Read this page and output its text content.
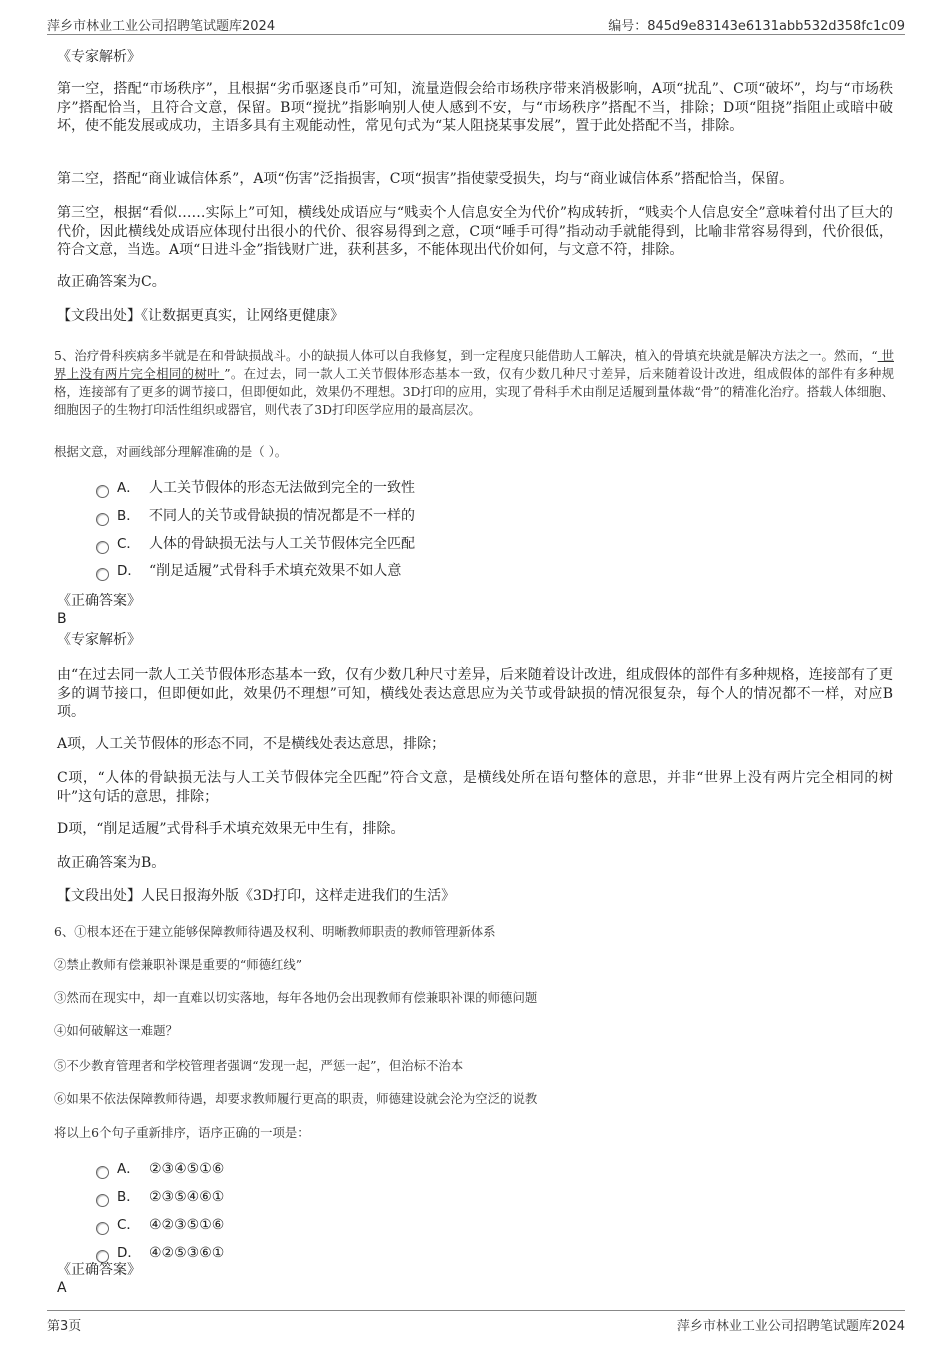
萍乡市林业工业公司招聘笔试题库2024	编号：845d9e83143e6131abb532d358fc1c09
《专家解析》
第一空，搭配“市场秩序”，且根据“劣币驱逐良币”可知，流量造假会给市场秩序带来消极影响，A项“扰乱”、C项“破坏”，均与“市场秩序”搭配恰当，且符合文意，保留。B项“搅扰”指影响别人使人感到不安，与“市场秩序”搭配不当，排除；D项“阻挠”指阻止或暗中破坏，使不能发展或成功，主语多具有主观能动性，常见句式为“某人阻挠某事发展”，置于此处搭配不当，排除。
第二空，搭配“商业诚信体系”，A项“伤害”泛指损害，C项“损害”指使蒙受损失，均与“商业诚信体系”搭配恰当，保留。
第三空，根据“看似……实际上”可知，横线处成语应与“贱卖个人信息安全为代价”构成转折，“贱卖个人信息安全”意味着付出了巨大的代价，因此横线处成语应体现付出很小的代价、很容易得到之意，C项“唾手可得”指动动手就能得到，比喻非常容易得到，代价很低，符合文意，当选。A项“日进斗金”指钱财广进，获利甚多，不能体现出代价如何，与文意不符，排除。
故正确答案为C。
【文段出处】《让数据更真实，让网络更健康》
5、治疗骨科疾病多半就是在和骨缺损战斗。小的缺损人体可以自我修复，到一定程度只能借助人工解决，植入的骨填充块就是解决方法之一。然而，“ 世界上没有两片完全相同的树叶 ”。在过去，同一款人工关节假体形态基本一致，仅有少数几种尺寸差异，后来随着设计改进，组成假体的部件有多种规格，连接部有了更多的调节接口，但即便如此，效果仍不理想。3D打印的应用，实现了骨科手术由削足适履到量体裁“骨”的精准化治疗。搭载人体细胞、细胞因子的生物打印活性组织或器官，则代表了3D打印医学应用的最高层次。
根据文意，对画线部分理解准确的是（ ）。
A． 人工关节假体的形态无法做到完全的一致性
B． 不同人的关节或骨缺损的情况都是不一样的
C． 人体的骨缺损无法与人工关节假体完全匹配
D． “削足适履”式骨科手术填充效果不如人意
《正确答案》
B
《专家解析》
由“在过去同一款人工关节假体形态基本一致，仅有少数几种尺寸差异，后来随着设计改进，组成假体的部件有多种规格，连接部有了更多的调节接口，但即便如此，效果仍不理想”可知，横线处表达意思应为关节或骨缺损的情况很复杂，每个人的情况都不一样，对应B项。
A项，人工关节假体的形态不同，不是横线处表达意思，排除；
C项，“人体的骨缺损无法与人工关节假体完全匹配”符合文意，是横线处所在语句整体的意思，并非“世界上没有两片完全相同的树叶”这句话的意思，排除；
D项，“削足适履”式骨科手术填充效果无中生有，排除。
故正确答案为B。
【文段出处】人民日报海外版《3D打印，这样走进我们的生活》
6、①根本还在于建立能够保障教师待遇及权利、明晰教师职责的教师管理新体系
②禁止教师有偿兼职补课是重要的“师德红线”
③然而在现实中，却一直难以切实落地，每年各地仍会出现教师有偿兼职补课的师德问题
④如何破解这一难题？
⑤不少教育管理者和学校管理者强调“发现一起，严惩一起”，但治标不治本
⑥如果不依法保障教师待遇，却要求教师履行更高的职责，师德建设就会沦为空泛的说教
将以上6个句子重新排序，语序正确的一项是：
A． ②③④⑤①⑥
B． ②③⑤④⑥①
C． ④②③⑤①⑥
D． ④②⑤③⑥①
《正确答案》
A
第3页	萍乡市林业工业公司招聘笔试题库2024
